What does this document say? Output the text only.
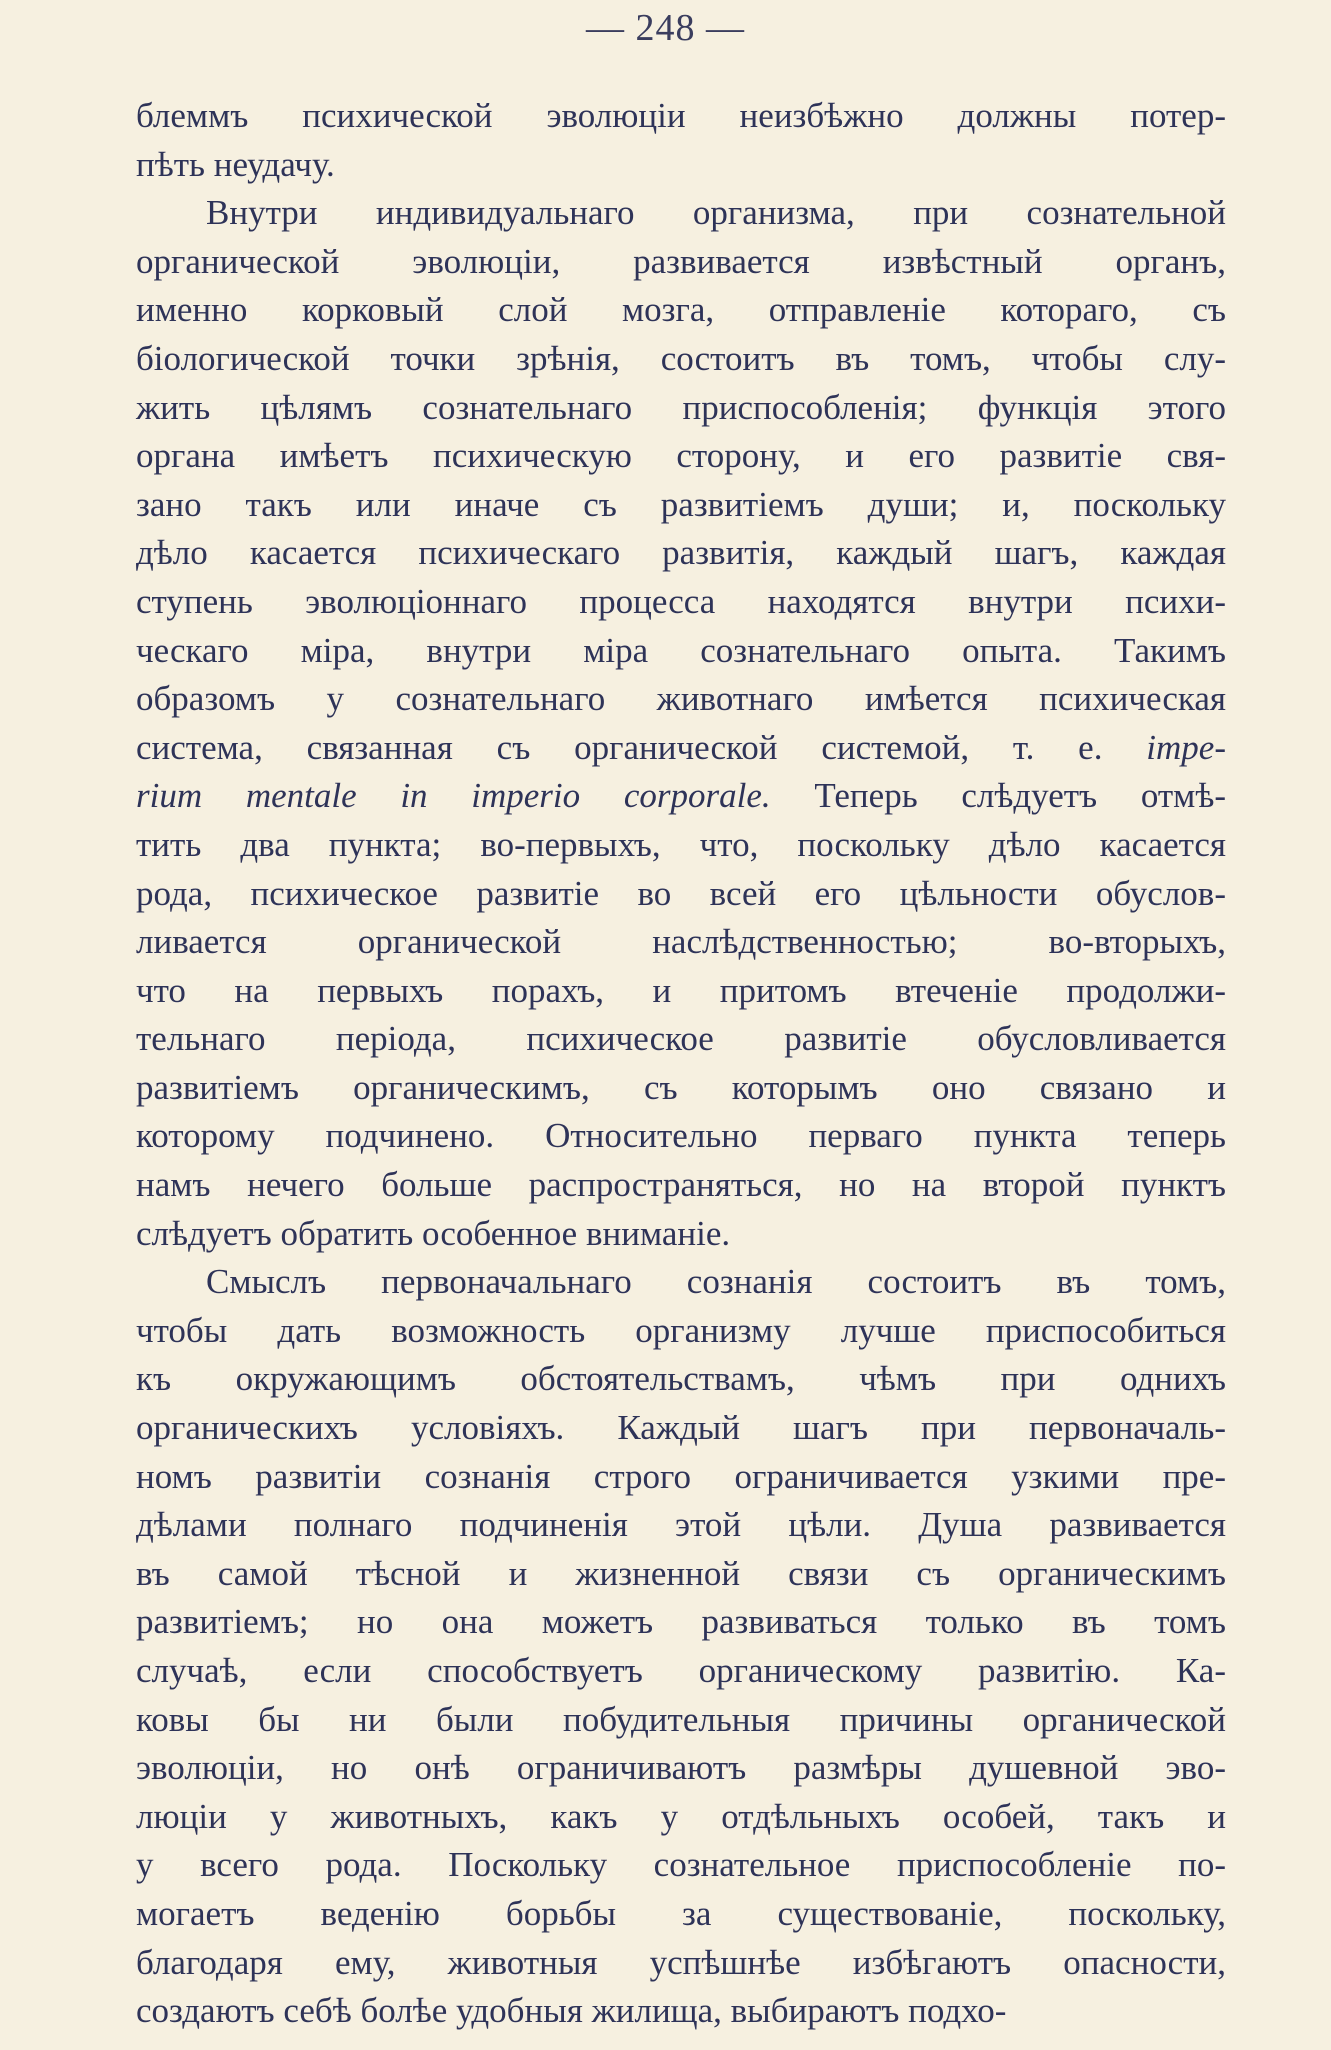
— 248 —
блеммъ психической эволюціи неизбѣжно должны потер-
пѣть неудачу.
Внутри индивидуальнаго организма, при сознательной
органической эволюціи, развивается извѣстный органъ,
именно корковый слой мозга, отправленіе котораго, съ
біологической точки зрѣнія, состоитъ въ томъ, чтобы слу-
жить цѣлямъ сознательнаго приспособленія; функція этого
органа имѣетъ психическую сторону, и его развитіе свя-
зано такъ или иначе съ развитіемъ души; и, поскольку
дѣло касается психическаго развитія, каждый шагъ, каждая
ступень эволюціоннаго процесса находятся внутри психи-
ческаго міра, внутри міра сознательнаго опыта. Такимъ
образомъ у сознательнаго животнаго имѣется психическая
система, связанная съ органической системой, т. е. impe-
rium mentale in imperio corporale. Теперь слѣдуетъ отмѣ-
тить два пункта; во-первыхъ, что, поскольку дѣло касается
рода, психическое развитіе во всей его цѣльности обуслов-
ливается органической наслѣдственностью; во-вторыхъ,
что на первыхъ порахъ, и притомъ втеченіе продолжи-
тельнаго періода, психическое развитіе обусловливается
развитіемъ органическимъ, съ которымъ оно связано и
которому подчинено. Относительно перваго пункта теперь
намъ нечего больше распространяться, но на второй пунктъ
слѣдуетъ обратить особенное вниманіе.
Смыслъ первоначальнаго сознанія состоитъ въ томъ,
чтобы дать возможность организму лучше приспособиться
къ окружающимъ обстоятельствамъ, чѣмъ при однихъ
органическихъ условіяхъ. Каждый шагъ при первоначаль-
номъ развитіи сознанія строго ограничивается узкими пре-
дѣлами полнаго подчиненія этой цѣли. Душа развивается
въ самой тѣсной и жизненной связи съ органическимъ
развитіемъ; но она можетъ развиваться только въ томъ
случаѣ, если способствуетъ органическому развитію. Ка-
ковы бы ни были побудительныя причины органической
эволюціи, но онѣ ограничиваютъ размѣры душевной эво-
люціи у животныхъ, какъ у отдѣльныхъ особей, такъ и
у всего рода. Поскольку сознательное приспособленіе по-
могаетъ веденію борьбы за существованіе, поскольку,
благодаря ему, животныя успѣшнѣе избѣгаютъ опасности,
создаютъ себѣ болѣе удобныя жилища, выбираютъ подхо-
